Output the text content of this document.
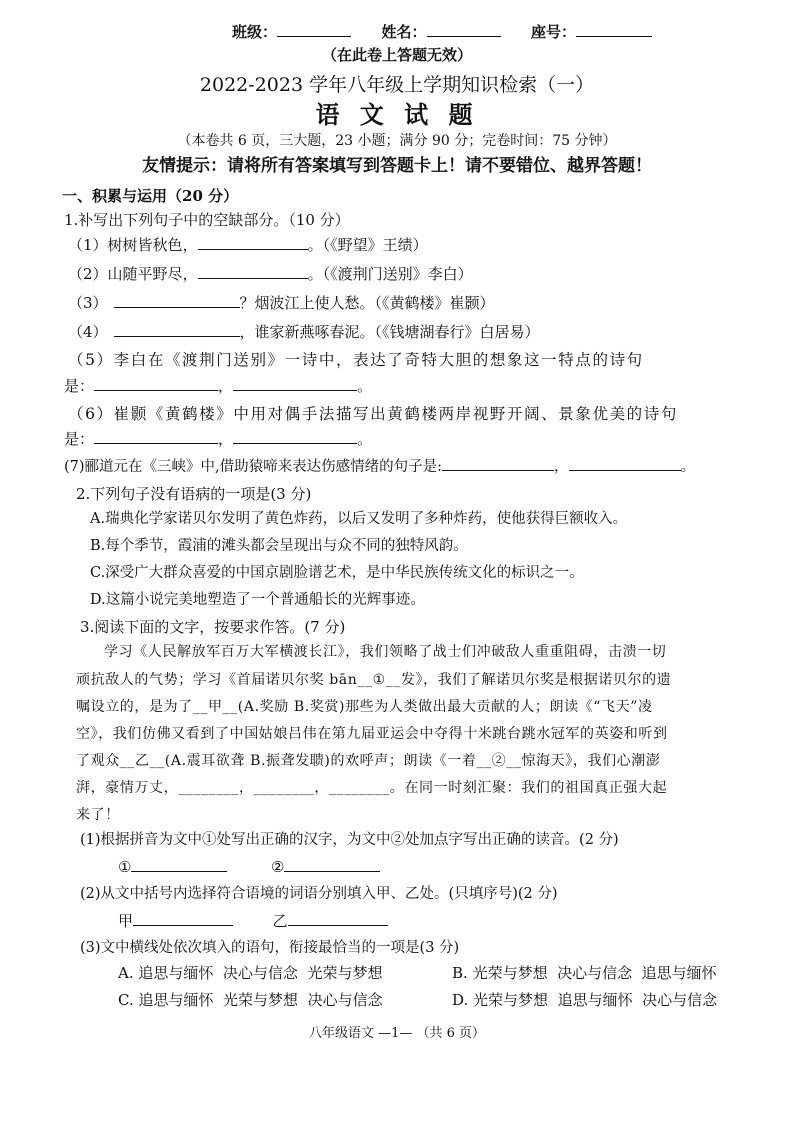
班级：	姓名：	座号：
（在此卷上答题无效）
2022-2023 学年八年级上学期知识检索（一）
语 文 试 题
（本卷共 6 页，三大题，23 小题；满分 90 分；完卷时间：75 分钟）
友情提示：请将所有答案填写到答题卡上！请不要错位、越界答题！
一、积累与运用（20 分）
1.补写出下列句子中的空缺部分。（10 分）
（1）树树皆秋色，	。（《野望》王绩）
（2）山随平野尽，	。（《渡荆门送别》李白）
（3）	？烟波江上使人愁。（《黄鹤楼》崔颢）
（4）	，谁家新燕啄春泥。（《钱塘湖春行》白居易）
（5）李白在《渡荆门送别》一诗中，表达了奇特大胆的想象这一特点的诗句
是：	，	。
（6）崔颢《黄鹤楼》中用对偶手法描写出黄鹤楼两岸视野开阔、景象优美的诗句
是：	，	。
(7)郦道元在《三峡》中,借助猿啼来表达伤感情绪的句子是:	，	。
2.下列句子没有语病的一项是(3 分)
A.瑞典化学家诺贝尔发明了黄色炸药，以后又发明了多种炸药，使他获得巨额收入。
B.每个季节，霞浦的滩头都会呈现出与众不同的独特风韵。
C.深受广大群众喜爱的中国京剧脸谱艺术，是中华民族传统文化的标识之一。
D.这篇小说完美地塑造了一个普通船长的光辉事迹。
3.阅读下面的文字，按要求作答。(7 分)
学习《人民解放军百万大军横渡长江》，我们领略了战士们冲破敌人重重阻碍，击溃一切
顽抗敌人的气势；学习《首届诺贝尔奖 bān__①__发》，我们了解诺贝尔奖是根据诺贝尔的遗
嘱设立的，是为了__甲__(A.奖励 B.奖赏)那些为人类做出最大贡献的人；朗读《“飞天”凌
空》，我们仿佛又看到了中国姑娘吕伟在第九届亚运会中夺得十米跳台跳水冠军的英姿和听到
了观众__乙__(A.震耳欲聋 B.振聋发聩)的欢呼声；朗读《一着__②__惊海天》，我们心潮澎
湃，豪情万丈，________，________，________。在同一时刻汇聚：我们的祖国真正强大起
来了！
(1)根据拼音为文中①处写出正确的汉字，为文中②处加点字写出正确的读音。(2 分)
①	②
(2)从文中括号内选择符合语境的词语分别填入甲、乙处。(只填序号)(2 分)
甲	乙
(3)文中横线处依次填入的语句，衔接最恰当的一项是(3 分)
A. 追思与缅怀  决心与信念  光荣与梦想	B. 光荣与梦想  决心与信念  追思与缅怀
C. 追思与缅怀  光荣与梦想  决心与信念	D. 光荣与梦想  追思与缅怀  决心与信念
八年级语文 —1— （共 6 页）
